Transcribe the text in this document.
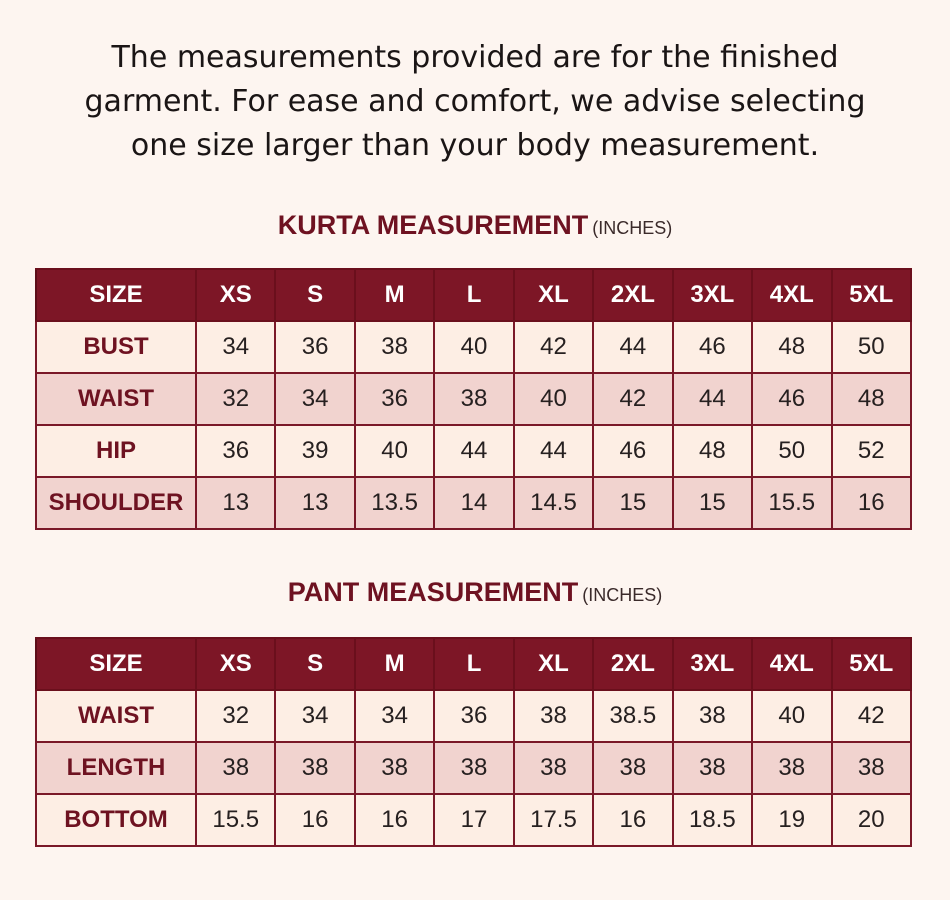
The measurements provided are for the finished
garment. For ease and comfort, we advise selecting
one size larger than your body measurement.
KURTA MEASUREMENT (INCHES)
SIZE	XS	S	M	L	XL	2XL	3XL	4XL	5XL
BUST	34	36	38	40	42	44	46	48	50
WAIST	32	34	36	38	40	42	44	46	48
HIP	36	39	40	44	44	46	48	50	52
SHOULDER	13	13	13.5	14	14.5	15	15	15.5	16
PANT MEASUREMENT (INCHES)
SIZE	XS	S	M	L	XL	2XL	3XL	4XL	5XL
WAIST	32	34	34	36	38	38.5	38	40	42
LENGTH	38	38	38	38	38	38	38	38	38
BOTTOM	15.5	16	16	17	17.5	16	18.5	19	20
